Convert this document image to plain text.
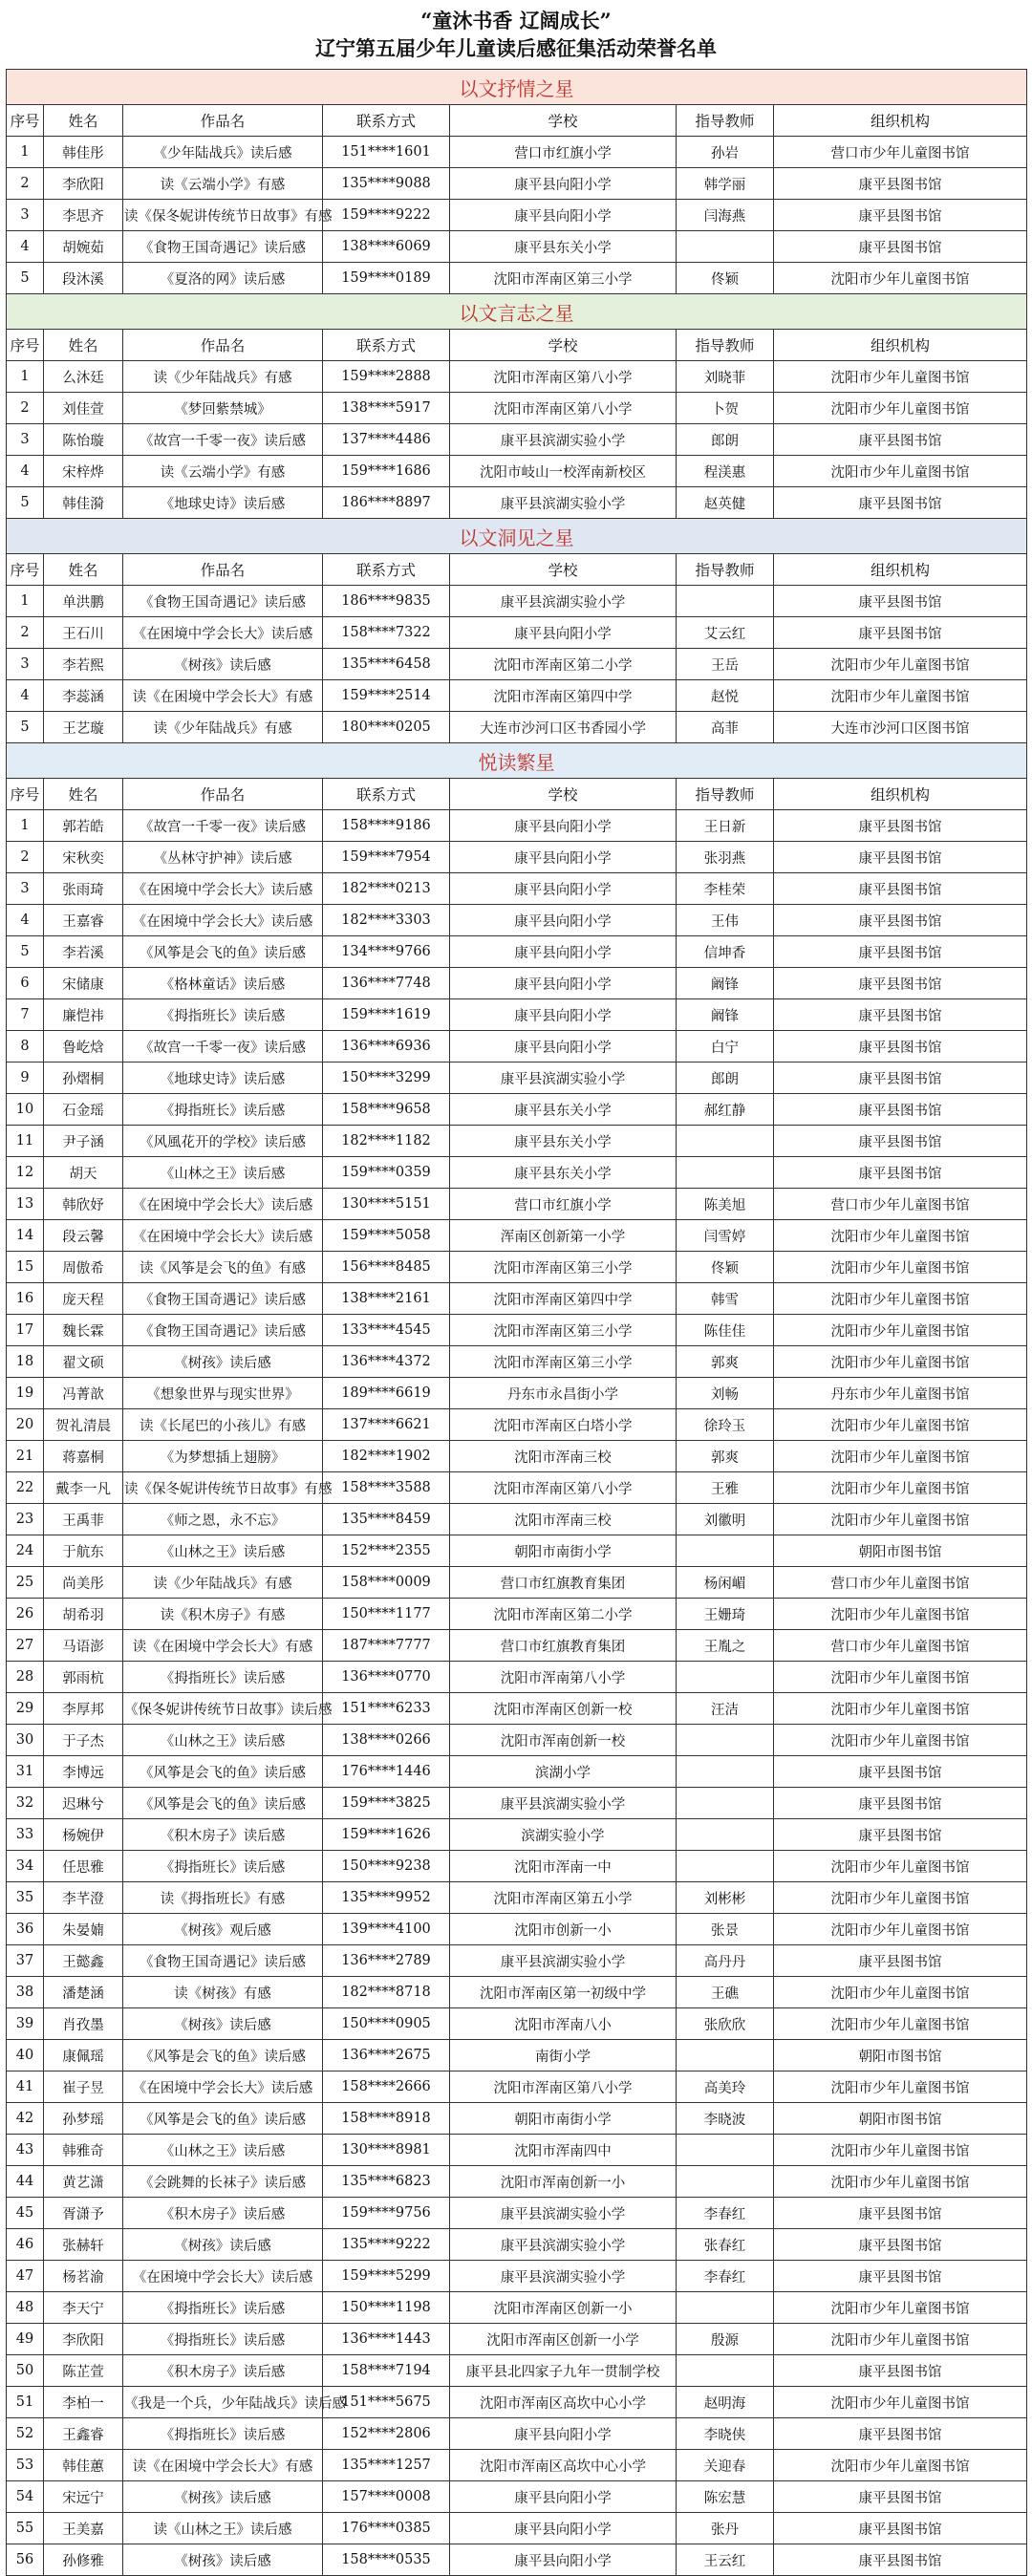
“童沐书香 辽阔成长”
辽宁第五届少年儿童读后感征集活动荣誉名单
以文抒情之星						
序号	姓名	作品名	联系方式	学校	指导教师	组织机构
1	韩佳彤	《少年陆战兵》读后感	151****1601	营口市红旗小学	孙岩	营口市少年儿童图书馆
2	李欣阳	读《云端小学》有感	135****9088	康平县向阳小学	韩学丽	康平县图书馆
3	李思齐	读《保冬妮讲传统节日故事》有感	159****9222	康平县向阳小学	闫海燕	康平县图书馆
4	胡婉茹	《食物王国奇遇记》读后感	138****6069	康平县东关小学		康平县图书馆
5	段沐溪	《夏洛的网》读后感	159****0189	沈阳市浑南区第三小学	佟颖	沈阳市少年儿童图书馆
以文言志之星						
序号	姓名	作品名	联系方式	学校	指导教师	组织机构
1	么沐廷	读《少年陆战兵》有感	159****2888	沈阳市浑南区第八小学	刘晓菲	沈阳市少年儿童图书馆
2	刘佳萱	《梦回紫禁城》	138****5917	沈阳市浑南区第八小学	卜贺	沈阳市少年儿童图书馆
3	陈怡璇	《故宫一千零一夜》读后感	137****4486	康平县滨湖实验小学	郎朗	康平县图书馆
4	宋梓烨	读《云端小学》有感	159****1686	沈阳市岐山一校浑南新校区	程渼惠	沈阳市少年儿童图书馆
5	韩佳漪	《地球史诗》读后感	186****8897	康平县滨湖实验小学	赵英健	康平县图书馆
以文洞见之星						
序号	姓名	作品名	联系方式	学校	指导教师	组织机构
1	单洪鹏	《食物王国奇遇记》读后感	186****9835	康平县滨湖实验小学		康平县图书馆
2	王石川	《在困境中学会长大》读后感	158****7322	康平县向阳小学	艾云红	康平县图书馆
3	李若熙	《树孩》读后感	135****6458	沈阳市浑南区第二小学	王岳	沈阳市少年儿童图书馆
4	李蕊涵	读《在困境中学会长大》有感	159****2514	沈阳市浑南区第四中学	赵悦	沈阳市少年儿童图书馆
5	王艺璇	读《少年陆战兵》有感	180****0205	大连市沙河口区书香园小学	高菲	大连市沙河口区图书馆
悦读繁星						
序号	姓名	作品名	联系方式	学校	指导教师	组织机构
1	郭若皓	《故宫一千零一夜》读后感	158****9186	康平县向阳小学	王日新	康平县图书馆
2	宋秋奕	《丛林守护神》读后感	159****7954	康平县向阳小学	张羽燕	康平县图书馆
3	张雨琦	《在困境中学会长大》读后感	182****0213	康平县向阳小学	李桂荣	康平县图书馆
4	王嘉睿	《在困境中学会长大》读后感	182****3303	康平县向阳小学	王伟	康平县图书馆
5	李若溪	《风筝是会飞的鱼》读后感	134****9766	康平县向阳小学	信坤香	康平县图书馆
6	宋储康	《格林童话》读后感	136****7748	康平县向阳小学	阚锋	康平县图书馆
7	廉恺祎	《拇指班长》读后感	159****1619	康平县向阳小学	阚锋	康平县图书馆
8	鲁屹焓	《故宫一千零一夜》读后感	136****6936	康平县向阳小学	白宁	康平县图书馆
9	孙熠桐	《地球史诗》读后感	150****3299	康平县滨湖实验小学	郎朗	康平县图书馆
10	石金瑶	《拇指班长》读后感	158****9658	康平县东关小学	郝红静	康平县图书馆
11	尹子涵	《风風花开的学校》读后感	182****1182	康平县东关小学		康平县图书馆
12	胡天	《山林之王》读后感	159****0359	康平县东关小学		康平县图书馆
13	韩欣妤	《在困境中学会长大》读后感	130****5151	营口市红旗小学	陈美旭	营口市少年儿童图书馆
14	段云馨	《在困境中学会长大》读后感	159****5058	浑南区创新第一小学	闫雪婷	沈阳市少年儿童图书馆
15	周傲希	读《风筝是会飞的鱼》有感	156****8485	沈阳市浑南区第三小学	佟颖	沈阳市少年儿童图书馆
16	庞天程	《食物王国奇遇记》读后感	138****2161	沈阳市浑南区第四中学	韩雪	沈阳市少年儿童图书馆
17	魏长霖	《食物王国奇遇记》读后感	133****4545	沈阳市浑南区第三小学	陈佳佳	沈阳市少年儿童图书馆
18	翟文硕	《树孩》读后感	136****4372	沈阳市浑南区第三小学	郭爽	沈阳市少年儿童图书馆
19	冯菁歆	《想象世界与现实世界》	189****6619	丹东市永昌街小学	刘畅	丹东市少年儿童图书馆
20	贺礼清晨	读《长尾巴的小孩儿》有感	137****6621	沈阳市浑南区白塔小学	徐玲玉	沈阳市少年儿童图书馆
21	蒋嘉桐	《为梦想插上翅膀》	182****1902	沈阳市浑南三校	郭爽	沈阳市少年儿童图书馆
22	戴李一凡	读《保冬妮讲传统节日故事》有感	158****3588	沈阳市浑南区第八小学	王雅	沈阳市少年儿童图书馆
23	王禹菲	《师之恩，永不忘》	135****8459	沈阳市浑南三校	刘徽明	沈阳市少年儿童图书馆
24	于航东	《山林之王》读后感	152****2355	朝阳市南街小学		朝阳市图书馆
25	尚美彤	读《少年陆战兵》有感	158****0009	营口市红旗教育集团	杨闲嵋	营口市少年儿童图书馆
26	胡希羽	读《积木房子》有感	150****1177	沈阳市浑南区第二小学	王姗琦	沈阳市少年儿童图书馆
27	马语澎	读《在困境中学会长大》有感	187****7777	营口市红旗教育集团	王胤之	营口市少年儿童图书馆
28	郭雨杭	《拇指班长》读后感	136****0770	沈阳市浑南第八小学		沈阳市少年儿童图书馆
29	李厚邦	《保冬妮讲传统节日故事》读后感	151****6233	沈阳市浑南区创新一校	汪洁	沈阳市少年儿童图书馆
30	于子杰	《山林之王》读后感	138****0266	沈阳市浑南创新一校		沈阳市少年儿童图书馆
31	李博远	《风筝是会飞的鱼》读后感	176****1446	滨湖小学		康平县图书馆
32	迟琳兮	《风筝是会飞的鱼》读后感	159****3825	康平县滨湖实验小学		康平县图书馆
33	杨婉伊	《积木房子》读后感	159****1626	滨湖实验小学		康平县图书馆
34	任思雅	《拇指班长》读后感	150****9238	沈阳市浑南一中		沈阳市少年儿童图书馆
35	李芊澄	读《拇指班长》有感	135****9952	沈阳市浑南区第五小学	刘彬彬	沈阳市少年儿童图书馆
36	朱晏婻	《树孩》观后感	139****4100	沈阳市创新一小	张景	沈阳市少年儿童图书馆
37	王懿鑫	《食物王国奇遇记》读后感	136****2789	康平县滨湖实验小学	高丹丹	康平县图书馆
38	潘楚涵	读《树孩》有感	182****8718	沈阳市浑南区第一初级中学	王礁	沈阳市少年儿童图书馆
39	肖孜墨	《树孩》读后感	150****0905	沈阳市浑南八小	张欣欣	沈阳市少年儿童图书馆
40	康佩瑶	《风筝是会飞的鱼》读后感	136****2675	南街小学		朝阳市图书馆
41	崔子昱	《在困境中学会长大》读后感	158****2666	沈阳市浑南区第八小学	高美玲	沈阳市少年儿童图书馆
42	孙梦瑶	《风筝是会飞的鱼》读后感	158****8918	朝阳市南街小学	李晓波	朝阳市图书馆
43	韩雅奇	《山林之王》读后感	130****8981	沈阳市浑南四中		沈阳市少年儿童图书馆
44	黄艺潇	《会跳舞的长袜子》读后感	135****6823	沈阳市浑南创新一小		沈阳市少年儿童图书馆
45	胥潇予	《积木房子》读后感	159****9756	康平县滨湖实验小学	李春红	康平县图书馆
46	张赫轩	《树孩》读后感	135****9222	康平县滨湖实验小学	张春红	康平县图书馆
47	杨茗渝	《在困境中学会长大》读后感	159****5299	康平县滨湖实验小学	李春红	康平县图书馆
48	李天宁	《拇指班长》读后感	150****1198	沈阳市浑南区创新一小		沈阳市少年儿童图书馆
49	李欣阳	《拇指班长》读后感	136****1443	沈阳市浑南区创新一小学	殷源	沈阳市少年儿童图书馆
50	陈芷萱	《积木房子》读后感	158****7194	康平县北四家子九年一贯制学校		康平县图书馆
51	李柏一	《我是一个兵，少年陆战兵》读后感	151****5675	沈阳市浑南区高坎中心小学	赵明海	沈阳市少年儿童图书馆
52	王鑫睿	《拇指班长》读后感	152****2806	康平县向阳小学	李晓侠	康平县图书馆
53	韩佳蕙	读《在困境中学会长大》有感	135****1257	沈阳市浑南区高坎中心小学	关迎春	沈阳市少年儿童图书馆
54	宋远宁	《树孩》读后感	157****0008	康平县向阳小学	陈宏慧	康平县图书馆
55	王美嘉	读《山林之王》读后感	176****0385	康平县向阳小学	张丹	康平县图书馆
56	孙修雅	《树孩》读后感	158****0535	康平县向阳小学	王云红	康平县图书馆
